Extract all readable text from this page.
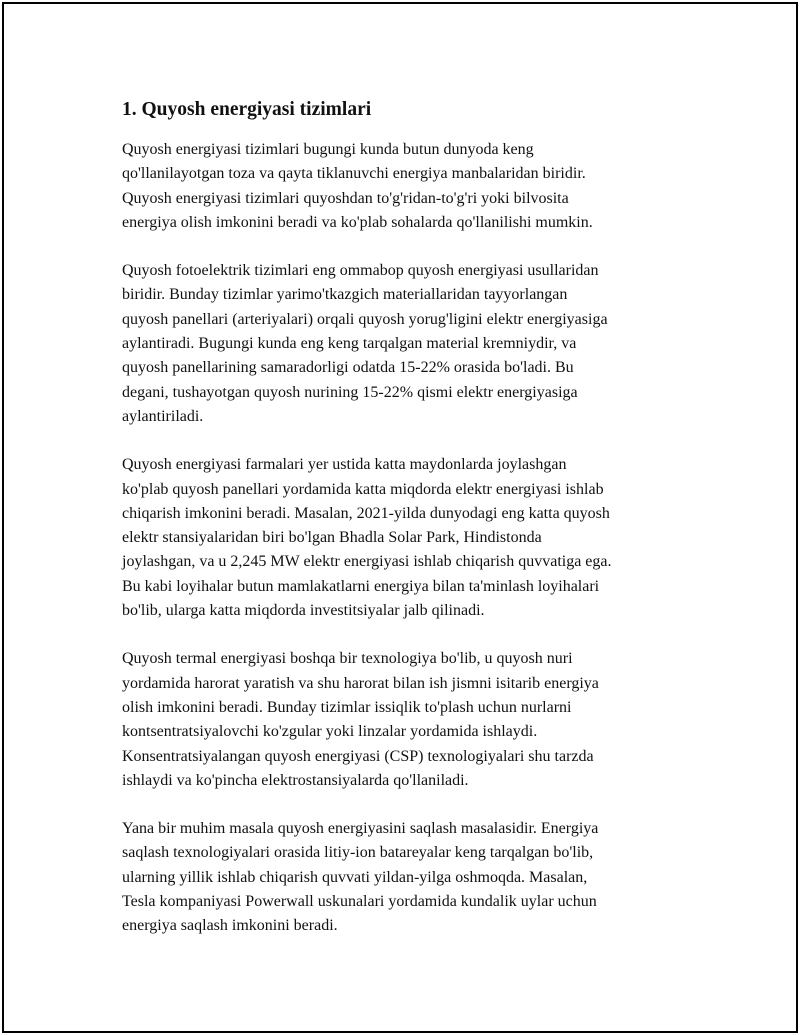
1. Quyosh energiyasi tizimlari

Quyosh energiyasi tizimlari bugungi kunda butun dunyoda keng
qo'llanilayotgan toza va qayta tiklanuvchi energiya manbalaridan biridir.
Quyosh energiyasi tizimlari quyoshdan to'g'ridan-to'g'ri yoki bilvosita
energiya olish imkonini beradi va ko'plab sohalarda qo'llanilishi mumkin.

Quyosh fotoelektrik tizimlari eng ommabop quyosh energiyasi usullaridan
biridir. Bunday tizimlar yarimo'tkazgich materiallaridan tayyorlangan
quyosh panellari (arteriyalari) orqali quyosh yorug'ligini elektr energiyasiga
aylantiradi. Bugungi kunda eng keng tarqalgan material kremniydir, va
quyosh panellarining samaradorligi odatda 15-22% orasida bo'ladi. Bu
degani, tushayotgan quyosh nurining 15-22% qismi elektr energiyasiga
aylantiriladi.

Quyosh energiyasi farmalari yer ustida katta maydonlarda joylashgan
ko'plab quyosh panellari yordamida katta miqdorda elektr energiyasi ishlab
chiqarish imkonini beradi. Masalan, 2021-yilda dunyodagi eng katta quyosh
elektr stansiyalaridan biri bo'lgan Bhadla Solar Park, Hindistonda
joylashgan, va u 2,245 MW elektr energiyasi ishlab chiqarish quvvatiga ega.
Bu kabi loyihalar butun mamlakatlarni energiya bilan ta'minlash loyihalari
bo'lib, ularga katta miqdorda investitsiyalar jalb qilinadi.

Quyosh termal energiyasi boshqa bir texnologiya bo'lib, u quyosh nuri
yordamida harorat yaratish va shu harorat bilan ish jismni isitarib energiya
olish imkonini beradi. Bunday tizimlar issiqlik to'plash uchun nurlarni
kontsentratsiyalovchi ko'zgular yoki linzalar yordamida ishlaydi.
Konsentratsiyalangan quyosh energiyasi (CSP) texnologiyalari shu tarzda
ishlaydi va ko'pincha elektrostansiyalarda qo'llaniladi.

Yana bir muhim masala quyosh energiyasini saqlash masalasidir. Energiya
saqlash texnologiyalari orasida litiy-ion batareyalar keng tarqalgan bo'lib,
ularning yillik ishlab chiqarish quvvati yildan-yilga oshmoqda. Masalan,
Tesla kompaniyasi Powerwall uskunalari yordamida kundalik uylar uchun
energiya saqlash imkonini beradi.
